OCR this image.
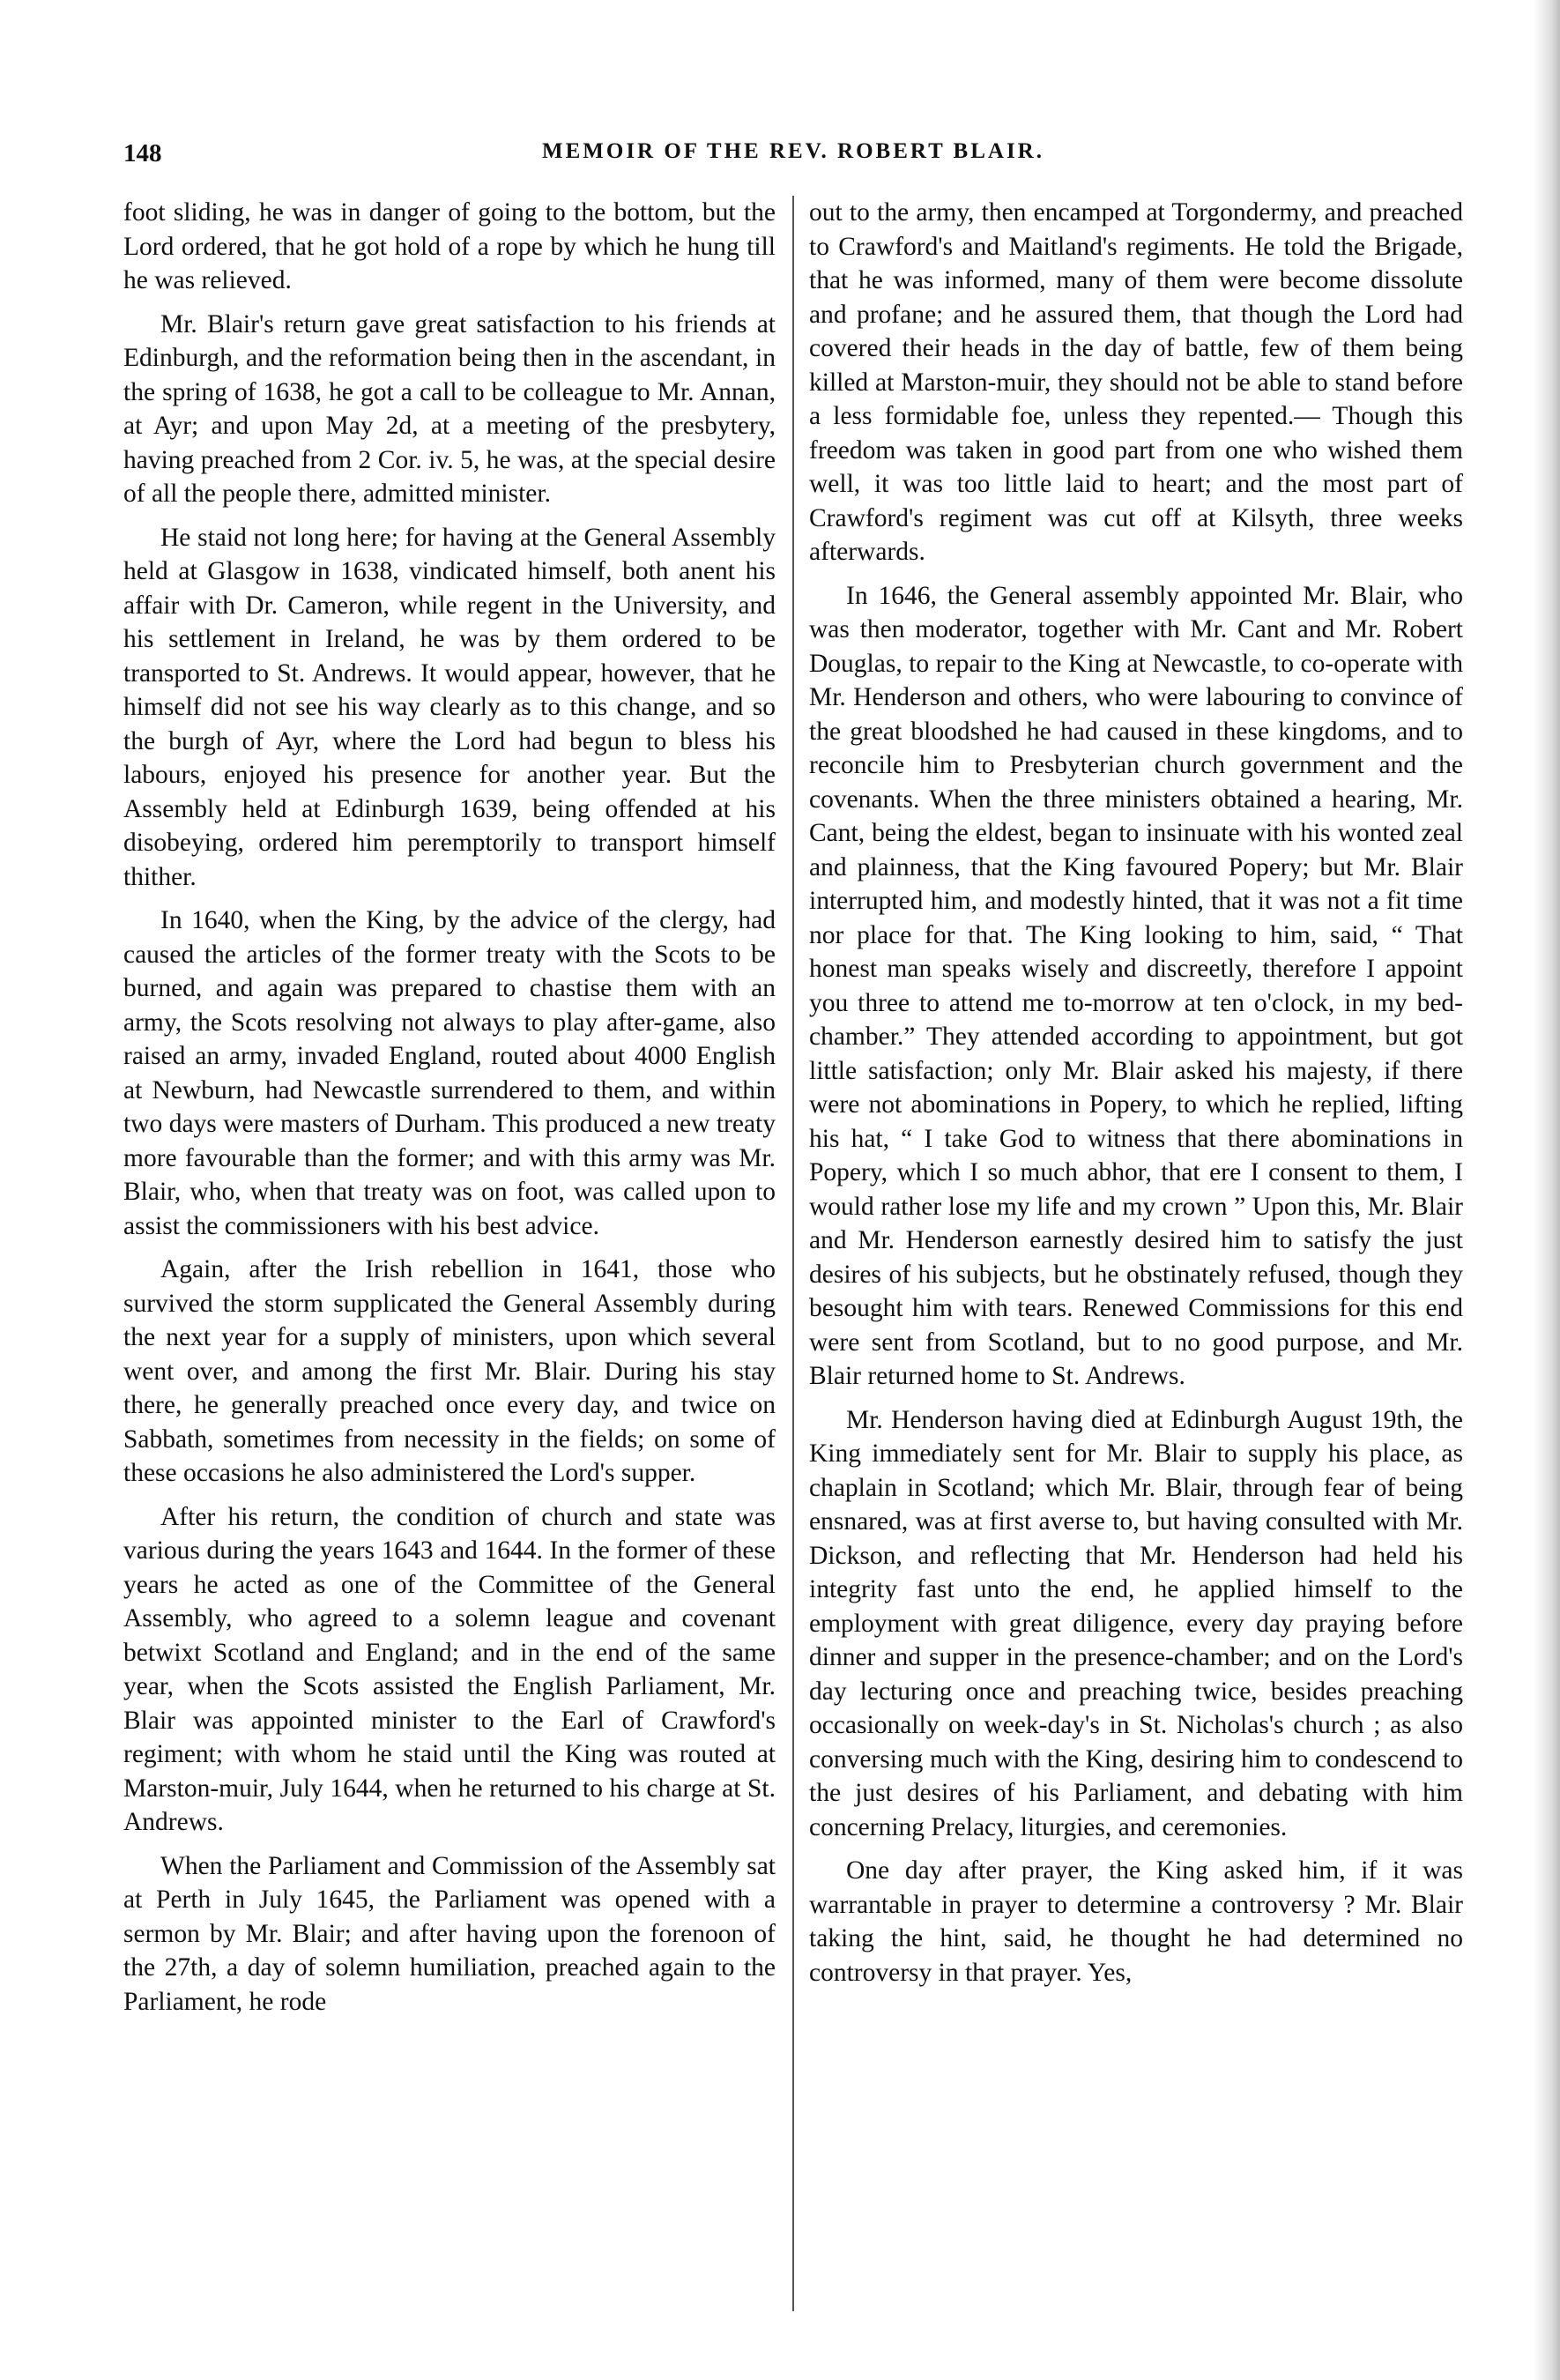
148	MEMOIR OF THE REV. ROBERT BLAIR.

foot sliding, he was in danger of going to the bottom, but the Lord ordered, that he got hold of a rope by which he hung till he was relieved.

Mr. Blair's return gave great satisfaction to his friends at Edinburgh, and the reformation being then in the ascendant, in the spring of 1638, he got a call to be colleague to Mr. Annan, at Ayr; and upon May 2d, at a meeting of the presbytery, having preached from 2 Cor. iv. 5, he was, at the special desire of all the people there, admitted minister.

He staid not long here; for having at the General Assembly held at Glasgow in 1638, vindicated himself, both anent his affair with Dr. Cameron, while regent in the University, and his settlement in Ireland, he was by them ordered to be transported to St. Andrews. It would appear, however, that he himself did not see his way clearly as to this change, and so the burgh of Ayr, where the Lord had begun to bless his labours, enjoyed his presence for another year. But the Assembly held at Edinburgh 1639, being offended at his disobeying, ordered him peremptorily to transport himself thither.

In 1640, when the King, by the advice of the clergy, had caused the articles of the former treaty with the Scots to be burned, and again was prepared to chastise them with an army, the Scots resolving not always to play after-game, also raised an army, invaded England, routed about 4000 English at Newburn, had Newcastle surrendered to them, and within two days were masters of Durham. This produced a new treaty more favourable than the former; and with this army was Mr. Blair, who, when that treaty was on foot, was called upon to assist the commissioners with his best advice.

Again, after the Irish rebellion in 1641, those who survived the storm supplicated the General Assembly during the next year for a supply of ministers, upon which several went over, and among the first Mr. Blair. During his stay there, he generally preached once every day, and twice on Sabbath, sometimes from necessity in the fields; on some of these occasions he also administered the Lord's supper.

After his return, the condition of church and state was various during the years 1643 and 1644. In the former of these years he acted as one of the Committee of the General Assembly, who agreed to a solemn league and covenant betwixt Scotland and England; and in the end of the same year, when the Scots assisted the English Parliament, Mr. Blair was appointed minister to the Earl of Crawford's regiment; with whom he staid until the King was routed at Marston-muir, July 1644, when he returned to his charge at St. Andrews.

When the Parliament and Commission of the Assembly sat at Perth in July 1645, the Parliament was opened with a sermon by Mr. Blair; and after having upon the forenoon of the 27th, a day of solemn humiliation, preached again to the Parliament, he rode

out to the army, then encamped at Torgondermy, and preached to Crawford's and Maitland's regiments. He told the Brigade, that he was informed, many of them were become dissolute and profane; and he assured them, that though the Lord had covered their heads in the day of battle, few of them being killed at Marston-muir, they should not be able to stand before a less formidable foe, unless they repented.— Though this freedom was taken in good part from one who wished them well, it was too little laid to heart; and the most part of Crawford's regiment was cut off at Kilsyth, three weeks afterwards.

In 1646, the General assembly appointed Mr. Blair, who was then moderator, together with Mr. Cant and Mr. Robert Douglas, to repair to the King at Newcastle, to co-operate with Mr. Henderson and others, who were labouring to convince of the great bloodshed he had caused in these kingdoms, and to reconcile him to Presbyterian church government and the covenants. When the three ministers obtained a hearing, Mr. Cant, being the eldest, began to insinuate with his wonted zeal and plainness, that the King favoured Popery; but Mr. Blair interrupted him, and modestly hinted, that it was not a fit time nor place for that. The King looking to him, said, “ That honest man speaks wisely and discreetly, therefore I appoint you three to attend me to-morrow at ten o'clock, in my bed-chamber.” They attended according to appointment, but got little satisfaction; only Mr. Blair asked his majesty, if there were not abominations in Popery, to which he replied, lifting his hat, “ I take God to witness that there abominations in Popery, which I so much abhor, that ere I consent to them, I would rather lose my life and my crown ” Upon this, Mr. Blair and Mr. Henderson earnestly desired him to satisfy the just desires of his subjects, but he obstinately refused, though they besought him with tears. Renewed Commissions for this end were sent from Scotland, but to no good purpose, and Mr. Blair returned home to St. Andrews.

Mr. Henderson having died at Edinburgh August 19th, the King immediately sent for Mr. Blair to supply his place, as chaplain in Scotland; which Mr. Blair, through fear of being ensnared, was at first averse to, but having consulted with Mr. Dickson, and reflecting that Mr. Henderson had held his integrity fast unto the end, he applied himself to the employment with great diligence, every day praying before dinner and supper in the presence-chamber; and on the Lord's day lecturing once and preaching twice, besides preaching occasionally on week-day's in St. Nicholas's church ; as also conversing much with the King, desiring him to condescend to the just desires of his Parliament, and debating with him concerning Prelacy, liturgies, and ceremonies.

One day after prayer, the King asked him, if it was warrantable in prayer to determine a controversy ? Mr. Blair taking the hint, said, he thought he had determined no controversy in that prayer. Yes,
